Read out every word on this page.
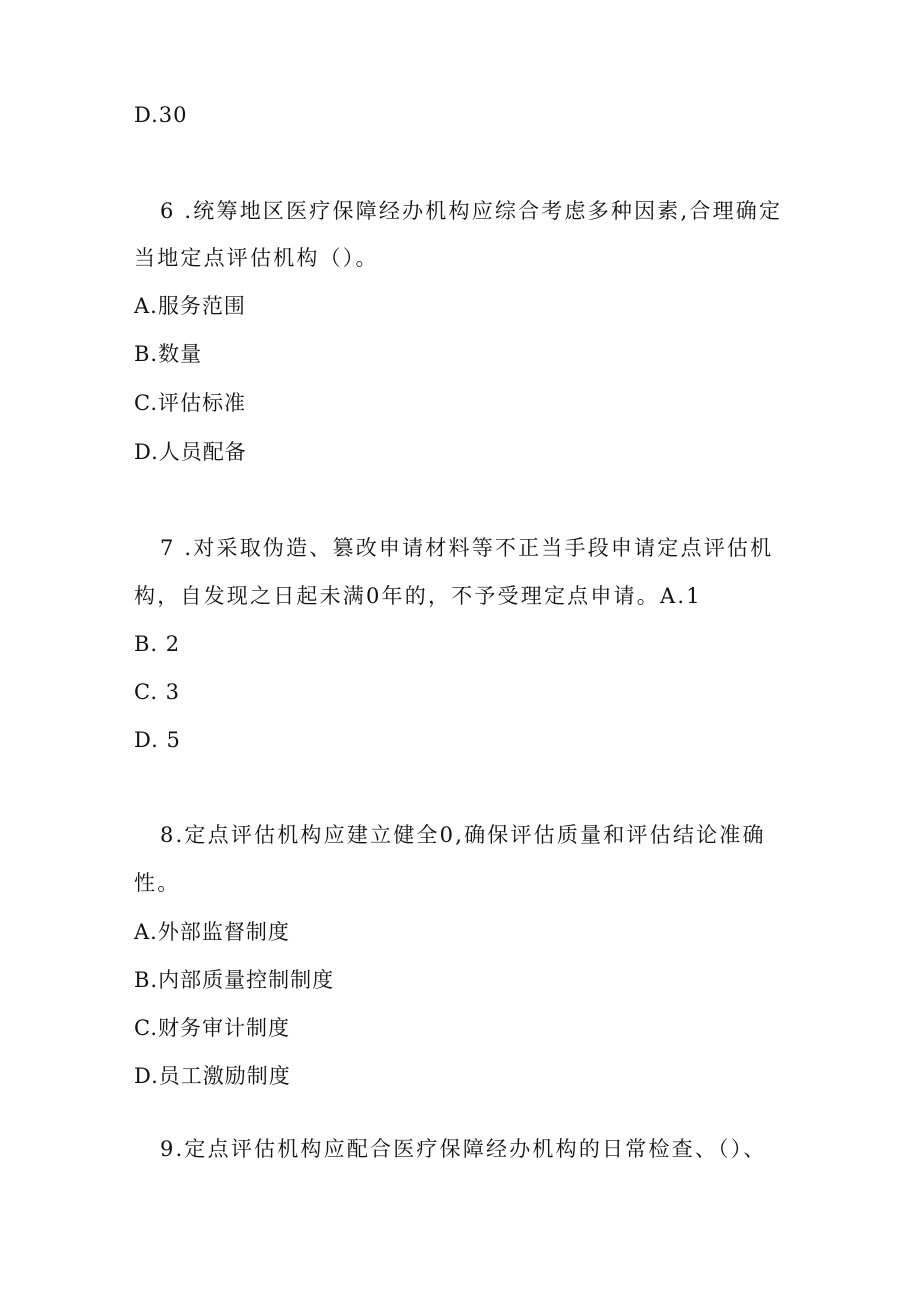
D.30
6 .统筹地区医疗保障经办机构应综合考虑多种因素,合理确定
当地定点评估机构（）。
A.服务范围
B.数量
C.评估标准
D.人员配备
7 .对采取伪造、篡改申请材料等不正当手段申请定点评估机
构，自发现之日起未满0年的，不予受理定点申请。A.1
B. 2
C. 3
D. 5
8.定点评估机构应建立健全0,确保评估质量和评估结论准确
性。
A.外部监督制度
B.内部质量控制制度
C.财务审计制度
D.员工激励制度
9.定点评估机构应配合医疗保障经办机构的日常检查、（）、
